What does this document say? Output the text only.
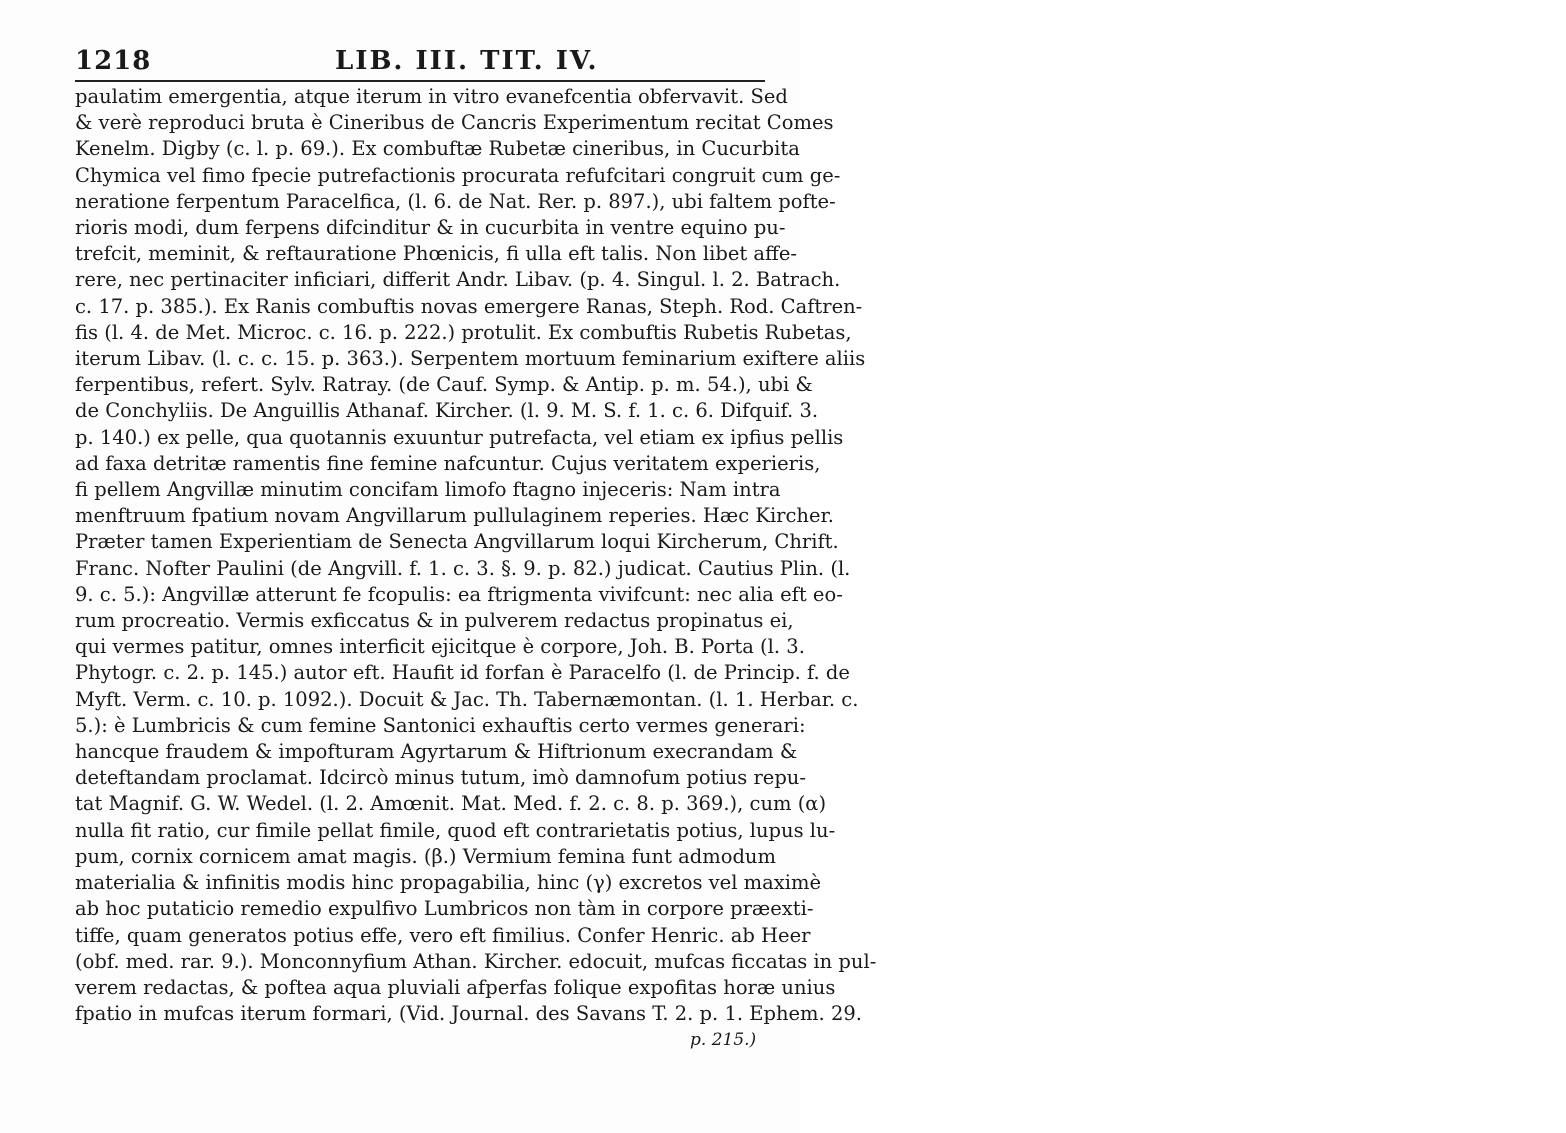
1218	LIB. III. TIT. IV.
paulatim emergentia, atque iterum in vitro evanefcentia obfervavit. Sed
& verè reproduci bruta è Cineribus de Cancris Experimentum recitat Comes
Kenelm. Digby (c. l. p. 69.). Ex combuftæ Rubetæ cineribus, in Cucurbita
Chymica vel fimo fpecie putrefactionis procurata refufcitari congruit cum ge-
neratione ferpentum Paracelfica, (l. 6. de Nat. Rer. p. 897.), ubi faltem pofte-
rioris modi, dum ferpens difcinditur & in cucurbita in ventre equino pu-
trefcit, meminit, & reftaurationе Phœnicis, fi ulla eft talis. Non libet affe-
rere, nec pertinaciter inficiari, differit Andr. Libav. (p. 4. Singul. l. 2. Batrach.
c. 17. p. 385.). Ex Ranis combuftis novas emergere Ranas, Steph. Rod. Caftren-
fis (l. 4. de Met. Microc. c. 16. p. 222.) protulit. Ex combuftis Rubetis Rubetas,
iterum Libav. (l. c. c. 15. p. 363.). Serpentem mortuum feminarium exiftere aliis
ferpentibus, refert. Sylv. Ratray. (de Cauf. Symp. & Antip. p. m. 54.), ubi &
de Conchyliis. De Anguillis Athanaf. Kircher. (l. 9. M. S. f. 1. c. 6. Difquif. 3.
p. 140.) ex pelle, qua quotannis exuuntur putrefacta, vel etiam ex ipfius pellis
ad faxa detritæ ramentis fine femine nafcuntur. Cujus veritatem experieris,
fi pellem Angvillæ minutim concifam limofo ftagno injeceris: Nam intra
menftruum fpatium novam Angvillarum pullulaginem reperies. Hæc Kircher.
Præter tamen Experientiam de Senecta Angvillarum loqui Kircherum, Chrift.
Franc. Nofter Paulini (de Angvill. f. 1. c. 3. §. 9. p. 82.) judicat. Cautius Plin. (l.
9. c. 5.): Angvillæ atterunt fe fcopulis: ea ftrigmenta vivifcunt: nec alia eft eo-
rum procreatio. Vermis exficcatus & in pulverem redactus propinatus ei,
qui vermes patitur, omnes interficit ejicitque è corpore, Joh. B. Porta (l. 3.
Phytogr. c. 2. p. 145.) autor eft. Haufit id forfan è Paracelfo (l. de Princip. f. de
Myft. Verm. c. 10. p. 1092.). Docuit & Jac. Th. Tabernæmontan. (l. 1. Herbar. c.
5.): è Lumbricis & cum femine Santonici exhauftis certo vermes generari:
hancque fraudem & impofturam Agyrtarum & Hiftrionum execrandam &
deteftandam proclamat. Idcircò minus tutum, imò damnofum potius repu-
tat Magnif. G. W. Wedel. (l. 2. Amœnit. Mat. Med. f. 2. c. 8. p. 369.), cum (α)
nulla fit ratio, cur fimile pellat fimile, quod eft contrarietatis potius, lupus lu-
pum, cornix cornicem amat magis. (β.) Vermium femina funt admodum
materialia & infinitis modis hinc propagabilia, hinc (γ) excretos vel maximè
ab hoc putaticio remedio expulfivo Lumbricos non tàm in corpore præexti-
tiffe, quam generatos potius effe, vero eft fimilius. Confer Henric. ab Heer
(obf. med. rar. 9.). Monconnyfium Athan. Kircher. edocuit, mufcas ficcatas in pul-
verem redactas, & poftea aqua pluviali afperfas folique expofitas horæ unius
fpatio in mufcas iterum formari, (Vid. Journal. des Savans T. 2. p. 1. Ephem. 29.
p. 215.)
